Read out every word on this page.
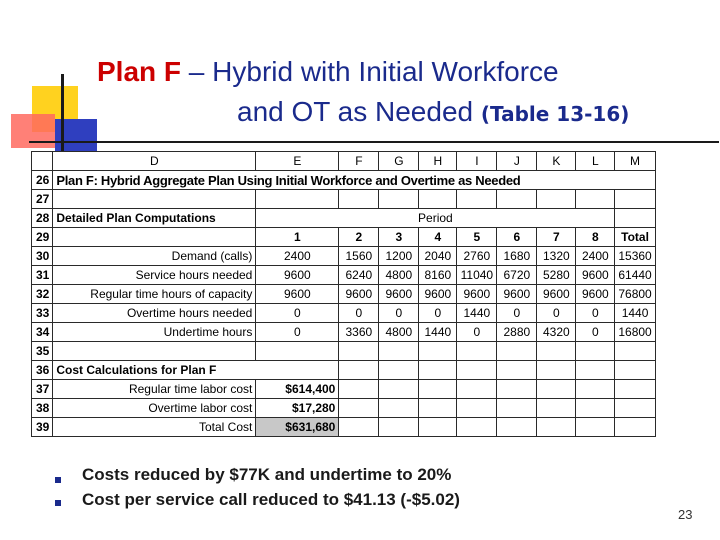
Plan F – Hybrid with Initial Workforce
and OT as Needed (Table 13-16)
	D	E	F	G	H	I	J	K	L	M
26	Plan F: Hybrid Aggregate Plan Using Initial Workforce and Overtime as Needed									
27										
28	Detailed Plan Computations	Period								
29		1	2	3	4	5	6	7	8	Total
30	Demand (calls)	2400	1560	1200	2040	2760	1680	1320	2400	15360
31	Service hours needed	9600	6240	4800	8160	11040	6720	5280	9600	61440
32	Regular time hours of capacity	9600	9600	9600	9600	9600	9600	9600	9600	76800
33	Overtime hours needed	0	0	0	0	1440	0	0	0	1440
34	Undertime hours	0	3360	4800	1440	0	2880	4320	0	16800
35										
36	Cost Calculations for Plan F									
37	Regular time labor cost	$614,400								
38	Overtime labor cost	$17,280								
39	Total Cost	$631,680								
Costs reduced by $77K and undertime to 20%
Cost per service call reduced to $41.13 (-$5.02)
23
